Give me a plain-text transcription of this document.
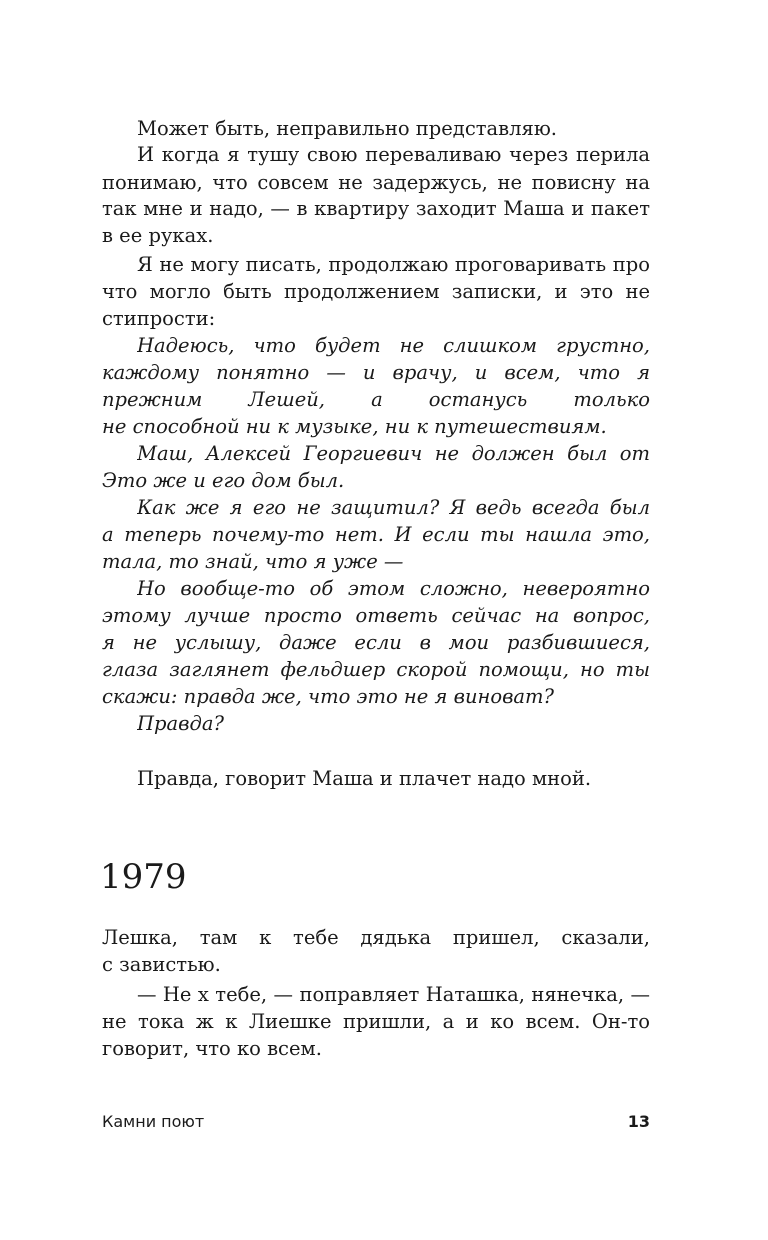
Может быть, неправильно представляю.
И когда я тушу свою переваливаю через перила
понимаю, что совсем не задержусь, не повисну на
так мне и надо, — в квартиру заходит Маша и пакет
в ее руках.
Я не могу писать, продолжаю проговаривать про
что могло быть продолжением записки, и это не
стипрости:
Надеюсь, что будет не слишком грустно,
каждому понятно — и врачу, и всем, что я
прежним Лешей, а останусь только
не способной ни к музыке, ни к путешествиям.
Маш, Алексей Георгиевич не должен был от
Это же и его дом был.
Как же я его не защитил? Я ведь всегда был
а теперь почему-то нет. И если ты нашла это,
тала, то знай, что я уже —
Но вообще-то об этом сложно, невероятно
этому лучше просто ответь сейчас на вопрос,
я не услышу, даже если в мои разбившиеся,
глаза заглянет фельдшер скорой помощи, но ты
скажи: правда же, что это не я виноват?
Правда?
Правда, говорит Маша и плачет надо мной.
1979
Лешка, там к тебе дядька пришел, сказали,
с завистью.
— Не х тебе, — поправляет Наташка, нянечка, —
не тока ж к Лиешке пришли, а и ко всем. Он-то
говорит, что ко всем.
Камни поют	13
